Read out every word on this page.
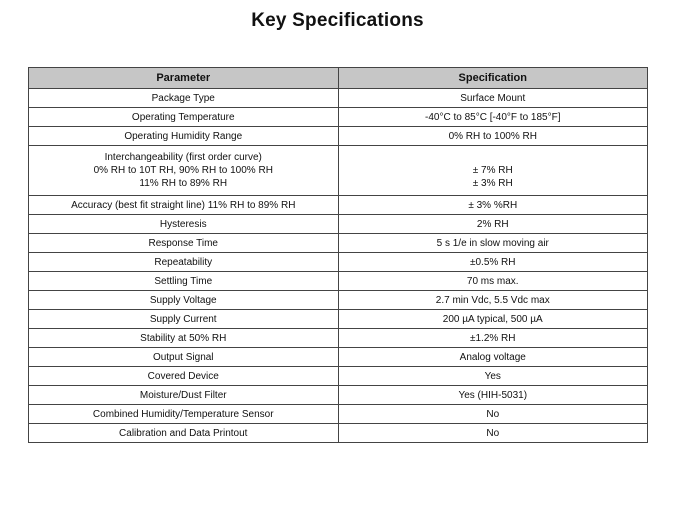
Key Specifications
Parameter	Specification
Package Type	Surface Mount
Operating Temperature	-40°C to 85°C [-40°F to 185°F]
Operating Humidity Range	0% RH to 100% RH

Interchangeability (first order curve)
0% RH to 10T RH, 90% RH to 100% RH
11% RH to 89% RH	± 7% RH
± 3% RH

Accuracy (best fit straight line) 11% RH to 89% RH	± 3% %RH
Hysteresis	2% RH
Response Time	5 s 1/e in slow moving air
Repeatability	±0.5% RH
Settling Time	70 ms max.
Supply Voltage	2.7 min Vdc, 5.5 Vdc max
Supply Current	200 µA typical, 500 µA
Stability at 50% RH	±1.2% RH
Output Signal	Analog voltage
Covered Device	Yes
Moisture/Dust Filter	Yes (HIH-5031)
Combined Humidity/Temperature Sensor	No
Calibration and Data Printout	No
